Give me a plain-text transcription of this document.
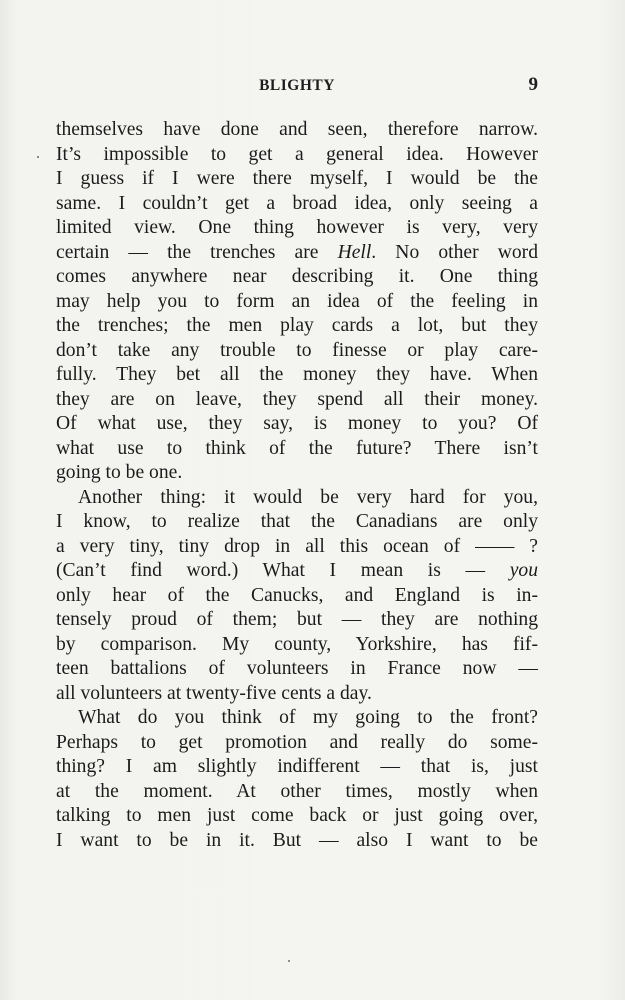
BLIGHTY	9
themselves have done and seen, therefore narrow.
It’s impossible to get a general idea. However
I guess if I were there myself, I would be the
same. I couldn’t get a broad idea, only seeing a
limited view. One thing however is very, very
certain — the trenches are Hell. No other word
comes anywhere near describing it. One thing
may help you to form an idea of the feeling in
the trenches; the men play cards a lot, but they
don’t take any trouble to finesse or play care-
fully. They bet all the money they have. When
they are on leave, they spend all their money.
Of what use, they say, is money to you? Of
what use to think of the future? There isn’t
going to be one.
Another thing: it would be very hard for you,
I know, to realize that the Canadians are only
a very tiny, tiny drop in all this ocean of —— ?
(Can’t find word.) What I mean is — you
only hear of the Canucks, and England is in-
tensely proud of them; but — they are nothing
by comparison. My county, Yorkshire, has fif-
teen battalions of volunteers in France now —
all volunteers at twenty-five cents a day.
What do you think of my going to the front?
Perhaps to get promotion and really do some-
thing? I am slightly indifferent — that is, just
at the moment. At other times, mostly when
talking to men just come back or just going over,
I want to be in it. But — also I want to be
